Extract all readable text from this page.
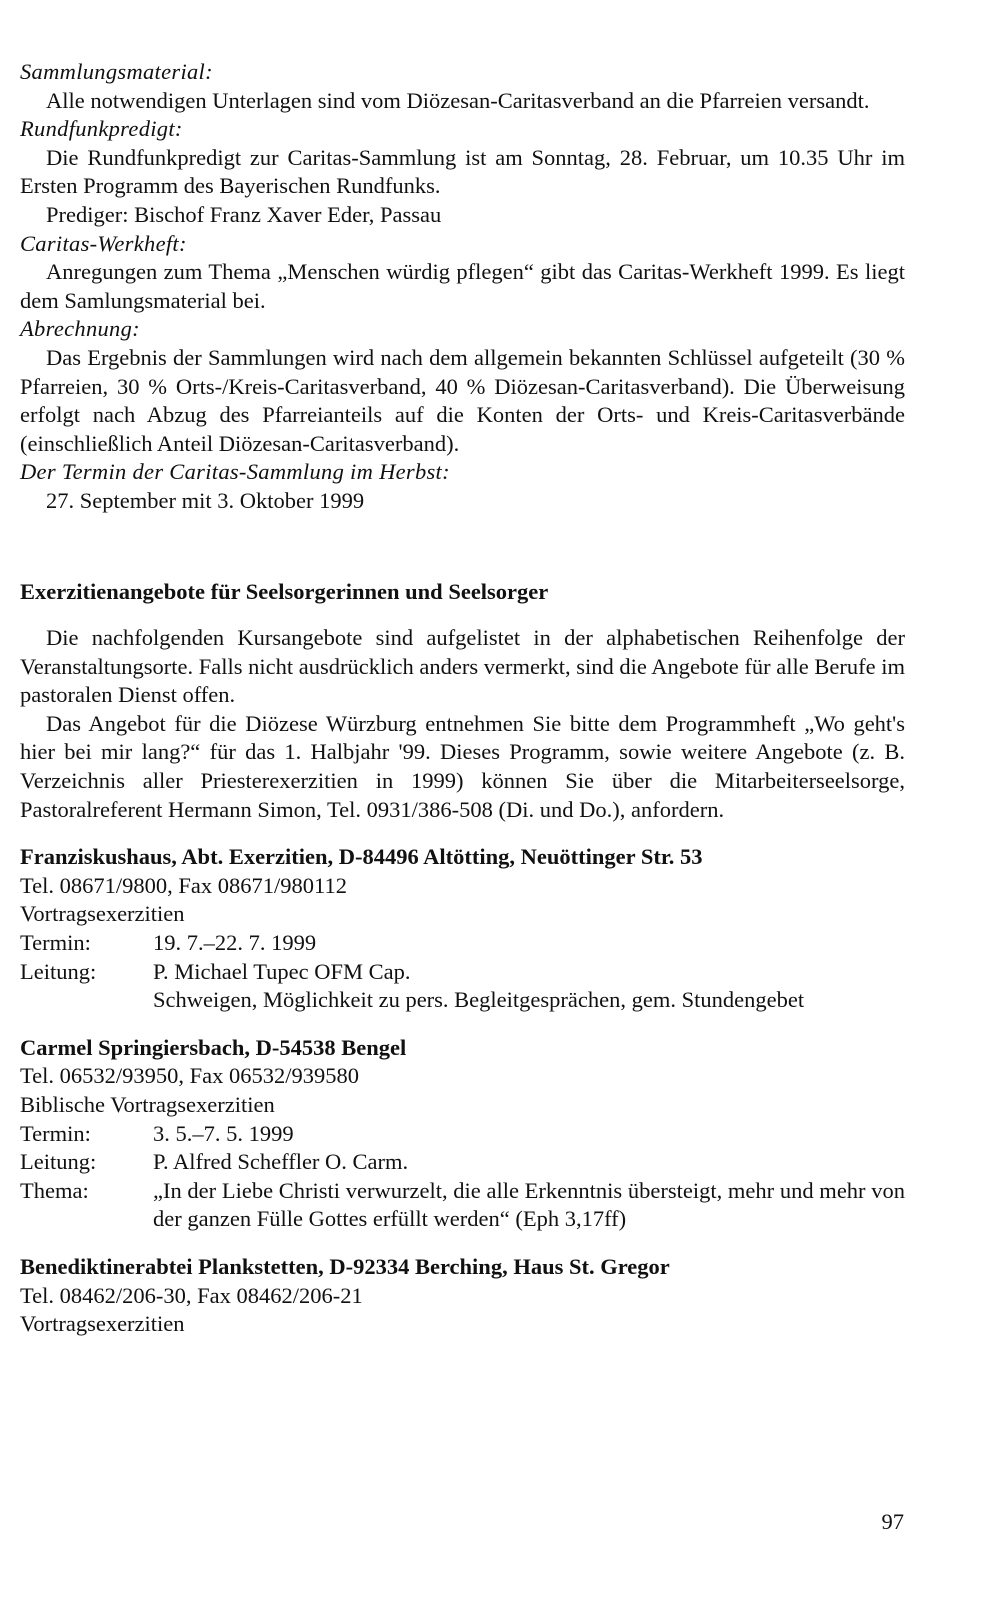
Sammlungsmaterial:

Alle notwendigen Unterlagen sind vom Diözesan-Caritasverband an die Pfarreien versandt.

Rundfunkpredigt:

Die Rundfunkpredigt zur Caritas-Sammlung ist am Sonntag, 28. Februar, um 10.35 Uhr im Ersten Programm des Bayerischen Rundfunks.

Prediger: Bischof Franz Xaver Eder, Passau

Caritas-Werkheft:

Anregungen zum Thema „Menschen würdig pflegen“ gibt das Caritas-Werkheft 1999. Es liegt dem Samlungsmaterial bei.

Abrechnung:

Das Ergebnis der Sammlungen wird nach dem allgemein bekannten Schlüssel aufgeteilt (30 % Pfarreien, 30 % Orts-/Kreis-Caritasverband, 40 % Diözesan-Caritasverband). Die Überweisung erfolgt nach Abzug des Pfarreianteils auf die Konten der Orts- und Kreis-Caritasverbände (einschließlich Anteil Diözesan-Caritasverband).

Der Termin der Caritas-Sammlung im Herbst:

27. September mit 3. Oktober 1999

Exerzitienangebote für Seelsorgerinnen und Seelsorger

Die nachfolgenden Kursangebote sind aufgelistet in der alphabetischen Reihenfolge der Veranstaltungsorte. Falls nicht ausdrücklich anders vermerkt, sind die Angebote für alle Berufe im pastoralen Dienst offen.

Das Angebot für die Diözese Würzburg entnehmen Sie bitte dem Programmheft „Wo geht's hier bei mir lang?“ für das 1. Halbjahr '99. Dieses Programm, sowie weitere Angebote (z. B. Verzeichnis aller Priesterexerzitien in 1999) können Sie über die Mitarbeiterseelsorge, Pastoralreferent Hermann Simon, Tel. 0931/386-508 (Di. und Do.), anfordern.

Franziskushaus, Abt. Exerzitien, D-84496 Altötting, Neuöttinger Str. 53

Tel. 08671/9800, Fax 08671/980112

Vortragsexerzitien

Termin:	19. 7.–22. 7. 1999
Leitung:	P. Michael Tupec OFM Cap.

Schweigen, Möglichkeit zu pers. Begleitgesprächen, gem. Stundengebet

Carmel Springiersbach, D-54538 Bengel

Tel. 06532/93950, Fax 06532/939580

Biblische Vortragsexerzitien

Termin:	3. 5.–7. 5. 1999
Leitung:	P. Alfred Scheffler O. Carm.
Thema:	„In der Liebe Christi verwurzelt, die alle Erkenntnis übersteigt, mehr und mehr von der ganzen Fülle Gottes erfüllt werden“ (Eph 3,17ff)
Benediktinerabtei Plankstetten, D-92334 Berching, Haus St. Gregor

Tel. 08462/206-30, Fax 08462/206-21

Vortragsexerzitien

97
